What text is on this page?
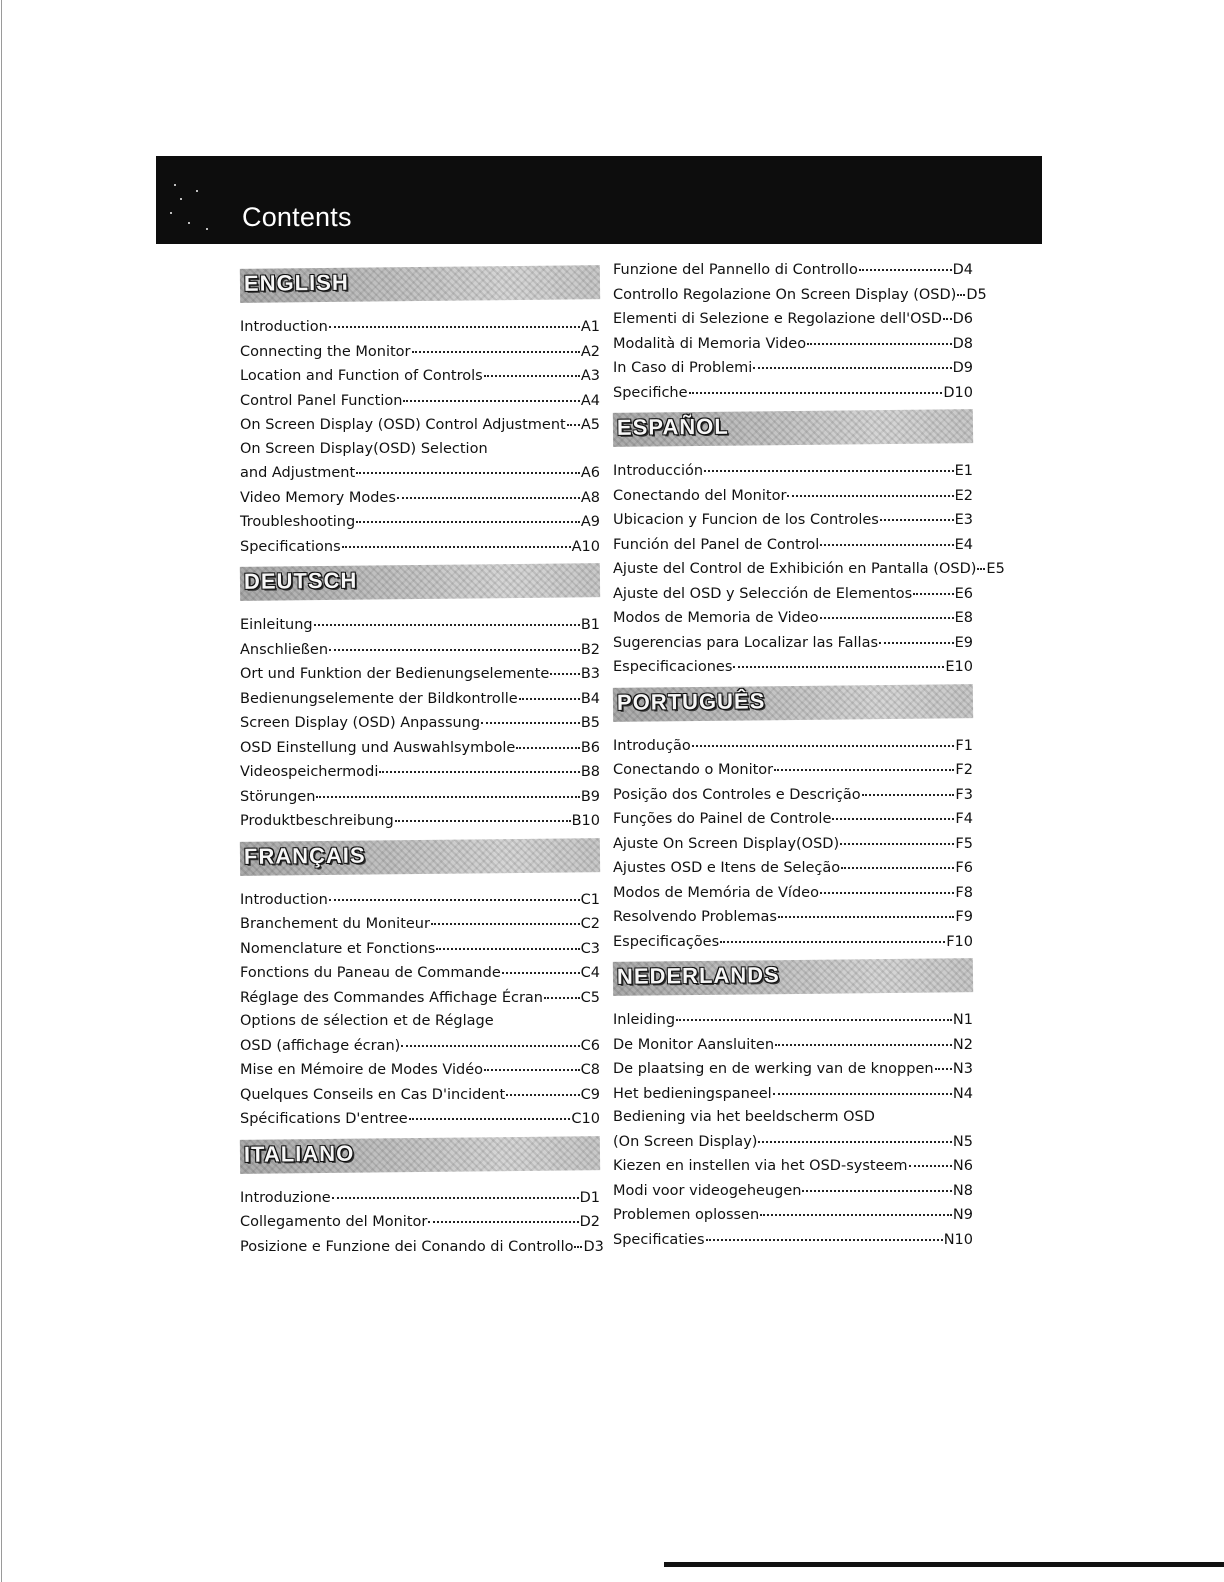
Contents
ENGLISH
Introduction	A1
Connecting the Monitor	A2
Location and Function of Controls	A3
Control Panel Function	A4
On Screen Display (OSD) Control Adjustment A5
On Screen Display(OSD) Selection
and Adjustment	A6
Video Memory Modes	A8
Troubleshooting	A9
Specifications	A10
DEUTSCH
Einleitung	B1
Anschließen	B2
Ort und Funktion der Bedienungselemente B3
Bedienungselemente der Bildkontrolle	B4
Screen Display (OSD) Anpassung	B5
OSD Einstellung und Auswahlsymbole	B6
Videospeichermodi	B8
Störungen	B9
Produktbeschreibung	B10
FRANÇAIS
Introduction	C1
Branchement du Moniteur	C2
Nomenclature et Fonctions	C3
Fonctions du Paneau de Commande	C4
Réglage des Commandes Affichage Écran	C5
Options de sélection et de Réglage
OSD (affichage écran)	C6
Mise en Mémoire de Modes Vidéo	C8
Quelques Conseils en Cas D'incident	C9
Spécifications D'entree	C10
ITALIANO
Introduzione	D1
Collegamento del Monitor	D2
Posizione e Funzione dei Conando di Controllo D3
Funzione del Pannello di Controllo	D4
Controllo Regolazione On Screen Display (OSD) D5
Elementi di Selezione e Regolazione dell'OSD D6
Modalità di Memoria Video	D8
In Caso di Problemi	D9
Specifiche	D10
ESPAÑOL
Introducción	E1
Conectando del Monitor	E2
Ubicacion y Funcion de los Controles	E3
Función del Panel de Control	E4
Ajuste del Control de Exhibición en Pantalla (OSD) E5
Ajuste del OSD y Selección de Elementos	E6
Modos de Memoria de Video	E8
Sugerencias para Localizar las Fallas	E9
Especificaciones	E10
PORTUGUÊS
Introdução	F1
Conectando o Monitor	F2
Posição dos Controles e Descrição	F3
Funções do Painel de Controle	F4
Ajuste On Screen Display(OSD)	F5
Ajustes OSD e Itens de Seleção	F6
Modos de Memória de Vídeo	F8
Resolvendo Problemas	F9
Especificações	F10
NEDERLANDS
Inleiding	N1
De Monitor Aansluiten	N2
De plaatsing en de werking van de knoppen N3
Het bedieningspaneel	N4
Bediening via het beeldscherm OSD
(On Screen Display)	N5
Kiezen en instellen via het OSD-systeem	N6
Modi voor videogeheugen	N8
Problemen oplossen	N9
Specificaties	N10
